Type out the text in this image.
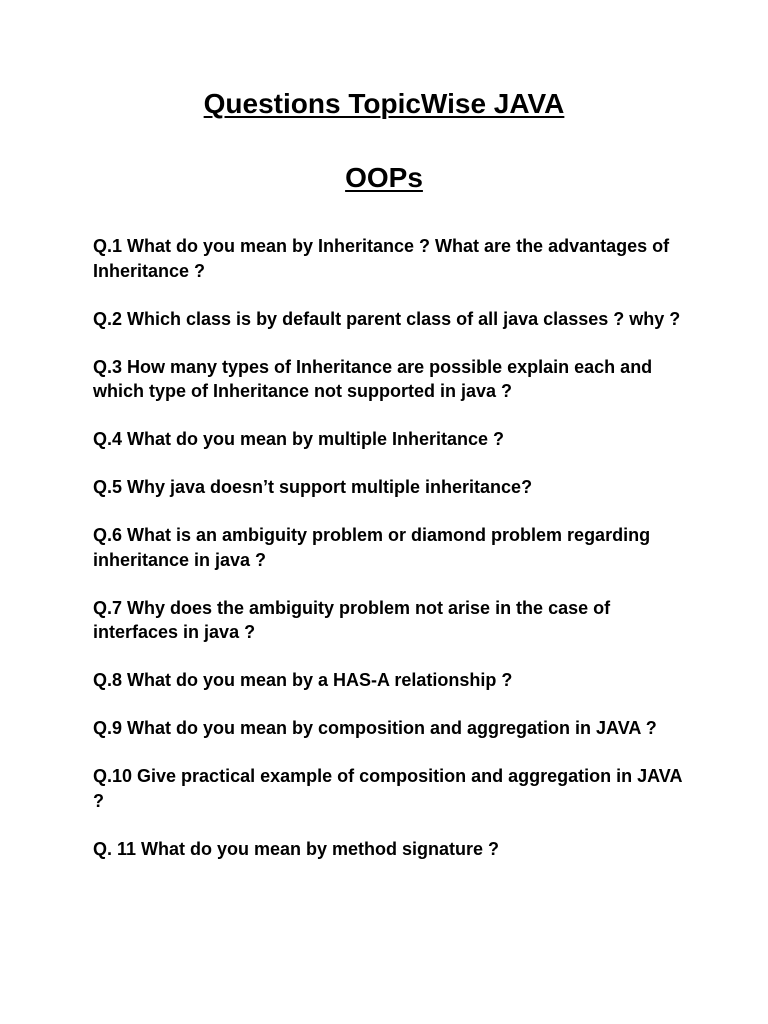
Questions TopicWise JAVA
OOPs
Q.1 What do you mean by Inheritance ? What are the advantages of Inheritance ?
Q.2 Which class is by default parent class of all java classes ? why ?
Q.3 How many types of Inheritance are possible explain each and which type of Inheritance not supported in java ?
Q.4 What do you mean by multiple Inheritance ?
Q.5 Why java doesn’t support multiple inheritance?
Q.6 What is an ambiguity problem or diamond problem regarding inheritance in java ?
Q.7 Why does the ambiguity problem not arise in the case of interfaces in java ?
Q.8 What do you mean by a HAS-A relationship ?
Q.9 What do you mean by composition and aggregation in JAVA ?
Q.10 Give practical example of composition and aggregation in JAVA ?
Q. 11 What do you mean by method signature ?
